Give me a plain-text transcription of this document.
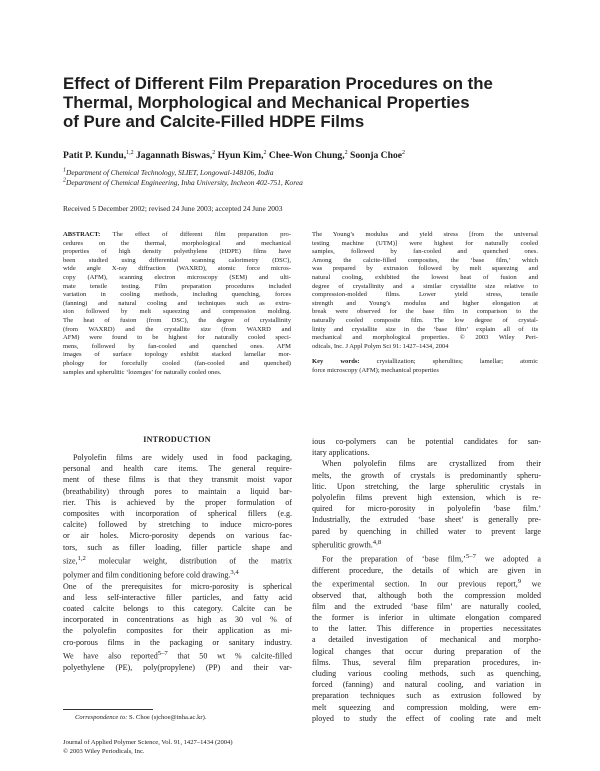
Effect of Different Film Preparation Procedures on the
Thermal, Morphological and Mechanical Properties
of Pure and Calcite-Filled HDPE Films
Patit P. Kundu,$^{1,2}$ Jagannath Biswas,$^2$ Hyun Kim,$^2$ Chee-Won Chung,$^2$ Soonja Choe$^2$
$^1$Department of Chemical Technology, SLIET, Longowal-148106, India
$^2$Department of Chemical Engineering, Inha University, Incheon 402-751, Korea
Received 5 December 2002; revised 24 June 2003; accepted 24 June 2003
ABSTRACT: The effect of different film preparation pro-
cedures on the thermal, morphological and mechanical
properties of high density polyethylene (HDPE) films have
been studied using differential scanning calorimetry (DSC),
wide angle X-ray diffraction (WAXRD), atomic force micros-
copy (AFM), scanning electron microscopy (SEM) and ulti-
mate tensile testing. Film preparation procedures included
variation in cooling methods, including quenching, forces
(fanning) and natural cooling and techniques such as extru-
sion followed by melt squeezing and compression molding.
The heat of fusion (from DSC), the degree of crystallinity
(from WAXRD) and the crystallite size (from WAXRD and
AFM) were found to be highest for naturally cooled speci-
mens, followed by fan-cooled and quenched ones. AFM
images of surface topology exhibit stacked lamellar mor-
phology for forcefully cooled (fan-cooled and quenched)
samples and spherulitic ‘lozenges’ for naturally cooled ones.
The Young’s modulus and yield stress [from the universal
testing machine (UTM)] were highest for naturally cooled
samples, followed by fan-cooled and quenched ones.
Among the calcite-filled composites, the ‘base film,’ which
was prepared by extrusion followed by melt squeezing and
natural cooling, exhibited the lowest heat of fusion and
degree of crystallinity and a similar crystallite size relative to
compression-molded films. Lower yield stress, tensile
strength and Young’s modulus and higher elongation at
break were observed for the base film in comparison to the
naturally cooled composite film. The low degree of crystal-
linity and crystallite size in the ‘base film’ explain all of its
mechanical and morphological properties. © 2003 Wiley Peri-
odicals, Inc. J Appl Polym Sci 91: 1427–1434, 2004
Key words: crystallization; spherulites; lamellar; atomic
force microscopy (AFM); mechanical properties
INTRODUCTION
Polyolefin films are widely used in food packaging,
personal and health care items. The general require-
ment of these films is that they transmit moist vapor
(breathability) through pores to maintain a liquid bar-
rier. This is achieved by the proper formulation of
composites with incorporation of spherical fillers (e.g.
calcite) followed by stretching to induce micro-pores
or air holes. Micro-porosity depends on various fac-
tors, such as filler loading, filler particle shape and
size,$^{1,2}$ molecular weight, distribution of the matrix
polymer and film conditioning before cold drawing.$^{3,4}$
One of the prerequisites for micro-porosity is spherical
and less self-interactive filler particles, and fatty acid
coated calcite belongs to this category. Calcite can be
incorporated in concentrations as high as 30 vol % of
the polyolefin composites for their application as mi-
cro-porous films in the packaging or sanitary industry.
We have also reported$^{5-7}$ that 50 wt % calcite-filled
polyethylene (PE), poly(propylene) (PP) and their var-
ious co-polymers can be potential candidates for san-
itary applications.
When polyolefin films are crystallized from their
melts, the growth of crystals is predominantly spheru-
litic. Upon stretching, the large spherulitic crystals in
polyolefin films prevent high extension, which is re-
quired for micro-porosity in polyolefin ‘base film.’
Industrially, the extruded ‘base sheet’ is generally pre-
pared by quenching in chilled water to prevent large
spherulitic growth.$^{4,8}$
For the preparation of ‘base film,’$^{5-7}$ we adopted a
different procedure, the details of which are given in
the experimental section. In our previous report,$^9$ we
observed that, although both the compression molded
film and the extruded ‘base film’ are naturally cooled,
the former is inferior in ultimate elongation compared
to the latter. This difference in properties necessitates
a detailed investigation of mechanical and morpho-
logical changes that occur during preparation of the
films. Thus, several film preparation procedures, in-
cluding various cooling methods, such as quenching,
forced (fanning) and natural cooling, and variation in
preparation techniques such as extrusion followed by
melt squeezing and compression molding, were em-
ployed to study the effect of cooling rate and melt
Correspondence to: S. Choe (sjchoe@inha.ac.kr).
Journal of Applied Polymer Science, Vol. 91, 1427–1434 (2004)
© 2003 Wiley Periodicals, Inc.
